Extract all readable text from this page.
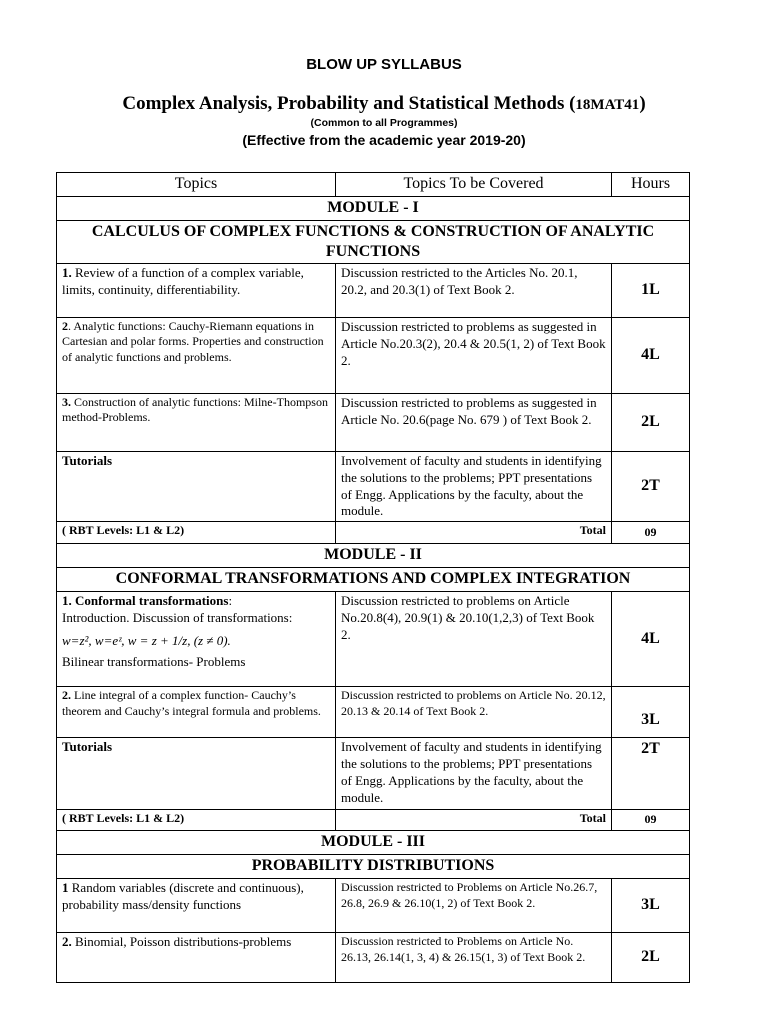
BLOW UP SYLLABUS
Complex Analysis, Probability and Statistical Methods (18MAT41)
(Common to all Programmes)
(Effective from the academic year 2019-20)
Topics	Topics To be Covered	Hours
MODULE - I		
CALCULUS OF COMPLEX FUNCTIONS & CONSTRUCTION OF ANALYTIC FUNCTIONS		
1. Review of a function of a complex variable, limits, continuity, differentiability.	Discussion restricted to the Articles No. 20.1, 20.2, and 20.3(1) of Text Book 2.	1L
2. Analytic functions: Cauchy-Riemann equations in Cartesian and polar forms. Properties and construction of analytic functions and problems.	Discussion restricted to problems as suggested in Article No.20.3(2), 20.4 & 20.5(1, 2) of Text Book 2.	4L
3. Construction of analytic functions: Milne-Thompson method-Problems.	Discussion restricted to problems as suggested in Article No. 20.6(page No. 679 ) of Text Book 2.	2L
Tutorials	Involvement of faculty and students in identifying the solutions to the problems; PPT presentations of Engg. Applications by the faculty, about the module.	2T
( RBT Levels: L1 & L2)	Total	09
MODULE - II		
CONFORMAL TRANSFORMATIONS AND COMPLEX INTEGRATION		
1. Conformal transformations:
Introduction. Discussion of transformations:
w=z², w=eᶻ, w = z + 1/z, (z ≠ 0).
Bilinear transformations- Problems	Discussion restricted to problems on Article No.20.8(4), 20.9(1) & 20.10(1,2,3) of Text Book 2.	4L
2. Line integral of a complex function- Cauchy’s theorem and Cauchy’s integral formula and problems.	Discussion restricted to problems on Article No. 20.12, 20.13 & 20.14 of Text Book 2.	3L
Tutorials	Involvement of faculty and students in identifying the solutions to the problems; PPT presentations of Engg. Applications by the faculty, about the module.	2T
( RBT Levels: L1 & L2)	Total	09
MODULE - III		
PROBABILITY DISTRIBUTIONS		
1 Random variables (discrete and continuous), probability mass/density functions	Discussion restricted to Problems on Article No.26.7, 26.8, 26.9 & 26.10(1, 2) of Text Book 2.	3L
2. Binomial, Poisson distributions-problems	Discussion restricted to Problems on Article No. 26.13, 26.14(1, 3, 4) & 26.15(1, 3) of Text Book 2.	2L
